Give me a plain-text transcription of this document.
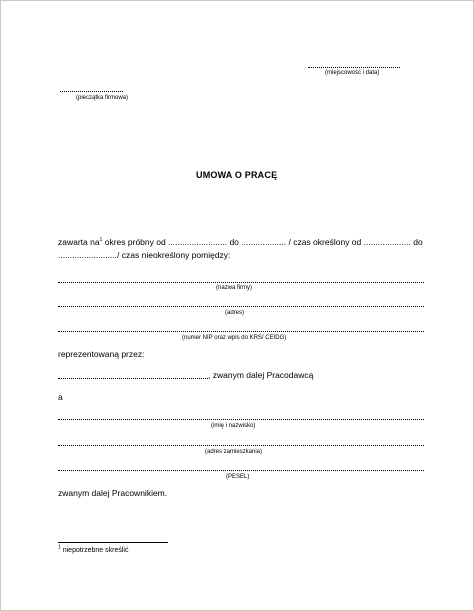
(miejscowość i data)
(pieczątka firmowa)
UMOWA O PRACĘ
zawarta $na^1$ okres próbny od ......................... do ................... / czas określony od .................... do
........................./ czas nieokreślony pomiędzy:
(nazwa firmy)
(adres)
(numer NIP oraz wpis do KRS/ CEIDG)
reprezentowaną przez:
, zwanym dalej Pracodawcą
a
(imię i nazwisko)
(adres zamieszkania)
(PESEL)
zwanym dalej Pracownikiem.
$^1$ niepotrzebne skreślić
